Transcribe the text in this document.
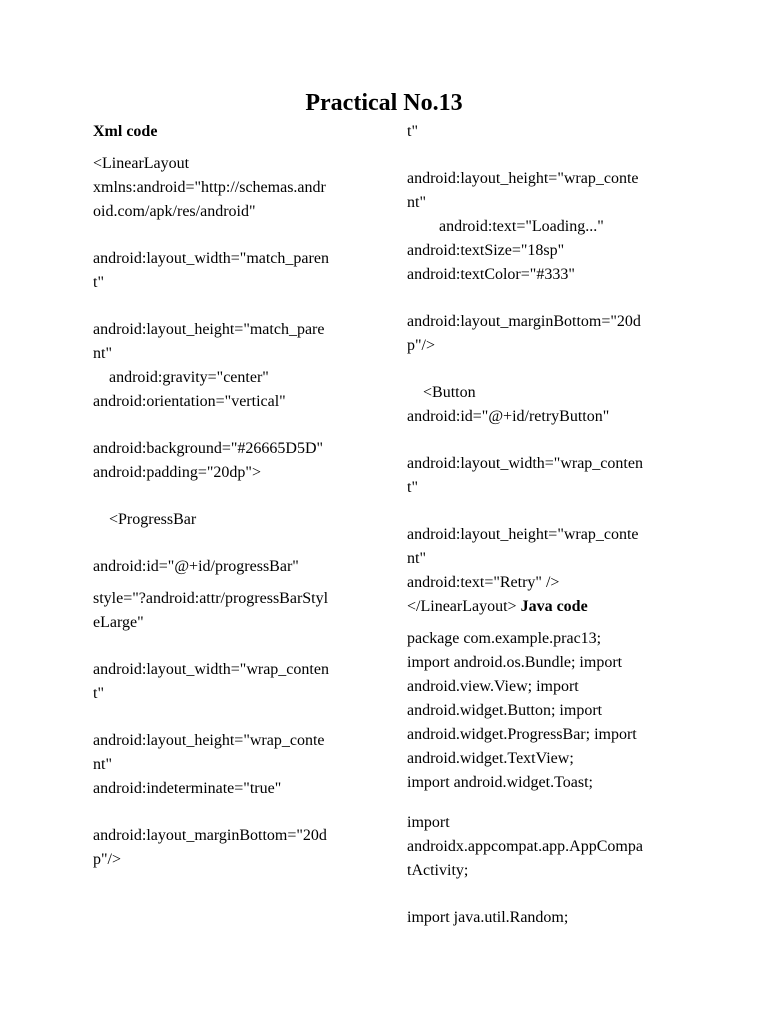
Practical No.13
Xml code
<LinearLayout
xmlns:android="http://schemas.andr
oid.com/apk/res/android"
android:layout_width="match_paren
t"
android:layout_height="match_pare
nt"
android:gravity="center"
android:orientation="vertical"
android:background="#26665D5D"
android:padding="20dp">
<ProgressBar
android:id="@+id/progressBar"
style="?android:attr/progressBarStyl
eLarge"
android:layout_width="wrap_conten
t"
android:layout_height="wrap_conte
nt"
android:indeterminate="true"
android:layout_marginBottom="20d
p"/>
t"
android:layout_height="wrap_conte
nt"
android:text="Loading..."
android:textSize="18sp"
android:textColor="#333"
android:layout_marginBottom="20d
p"/>
<Button
android:id="@+id/retryButton"
android:layout_width="wrap_conten
t"
android:layout_height="wrap_conte
nt"
android:text="Retry" />
</LinearLayout> Java code
package com.example.prac13;
import android.os.Bundle; import
android.view.View; import
android.widget.Button; import
android.widget.ProgressBar; import
android.widget.TextView;
import android.widget.Toast;
import
androidx.appcompat.app.AppCompa
tActivity;
import java.util.Random;
